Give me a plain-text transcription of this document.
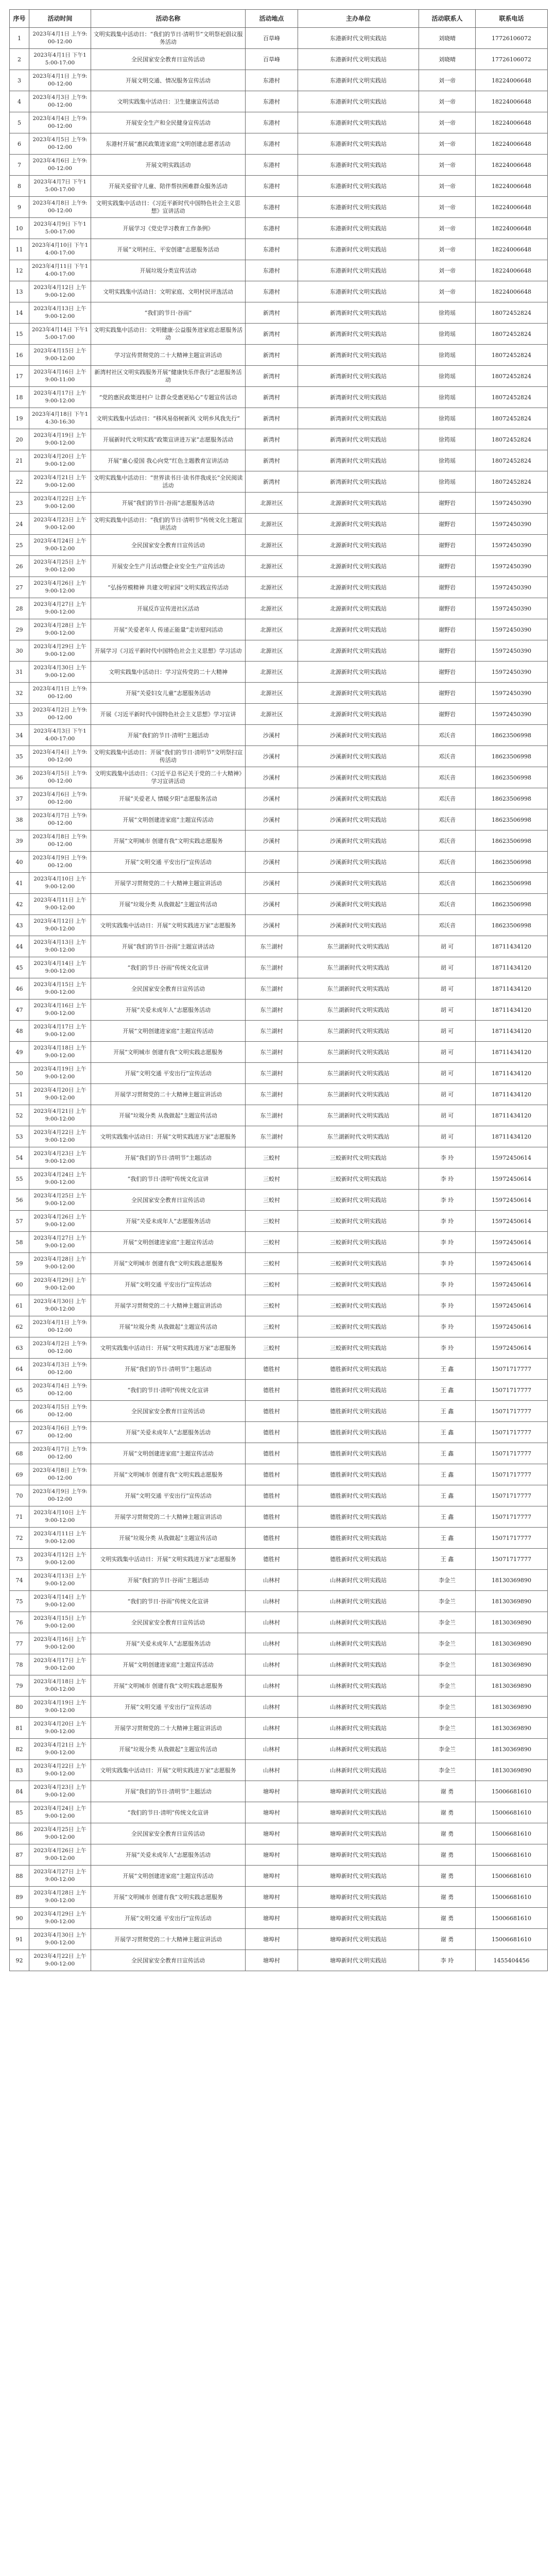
序号	活动时间	活动名称	活动地点	主办单位	活动联系人	联系电话
1	2023年4月1日 上午9:00-12:00	文明实践集中活动日：“我们的节日·清明节”文明祭祀倡议服务活动	百草峰	东港新时代文明实践站	刘晓晴	17726106072
2	2023年4月1日 下午15:00-17:00	全民国家安全教育日宣传活动	百草峰	东港新时代文明实践站	刘晓晴	17726106072
3	2023年4月1日 上午9:00-12:00	开展文明交通、情况服务宣传活动	东港村	东港新时代文明实践站	刘一帝	18224006648
4	2023年4月3日 上午9:00-12:00	文明实践集中活动日：卫生健康宣传活动	东港村	东港新时代文明实践站	刘一帝	18224006648
5	2023年4月4日 上午9:00-12:00	开展安全生产和全民健身宣传活动	东港村	东港新时代文明实践站	刘一帝	18224006648
6	2023年4月5日 上午9:00-12:00	东港村开展“惠民政策进家庭”文明创建志愿者活动	东港村	东港新时代文明实践站	刘一帝	18224006648
7	2023年4月6日 上午9:00-12:00	开展文明实践活动	东港村	东港新时代文明实践站	刘一帝	18224006648
8	2023年4月7日 下午15:00-17:00	开展关爱留守儿童、陪伴帮扶困难群众服务活动	东港村	东港新时代文明实践站	刘一帝	18224006648
9	2023年4月8日 上午9:00-12:00	文明实践集中活动日：《习近平新时代中国特色社会主义思想》宣讲活动	东港村	东港新时代文明实践站	刘一帝	18224006648
10	2023年4月9日 下午15:00-17:00	开展学习《党史学习教育工作条例》	东港村	东港新时代文明实践站	刘一帝	18224006648
11	2023年4月10日 下午14:00-17:00	开展“文明村庄、平安创建”志愿服务活动	东港村	东港新时代文明实践站	刘一帝	18224006648
12	2023年4月11日 下午14:00-17:00	开展垃圾分类宣传活动	东港村	东港新时代文明实践站	刘一帝	18224006648
13	2023年4月12日 上午9:00-12:00	文明实践集中活动日：文明家庭、文明村民评选活动	东港村	东港新时代文明实践站	刘一帝	18224006648
14	2023年4月13日 上午9:00-12:00	“我们的节日·谷雨”	新湾村	新湾新时代文明实践站	徐筠瑶	18072452824
15	2023年4月14日 下午15:00-17:00	文明实践集中活动日：文明健康·公益服务进家庭志愿服务活动	新湾村	新湾新时代文明实践站	徐筠瑶	18072452824
16	2023年4月15日 上午9:00-12:00	学习宣传贯彻党的二十大精神主题宣讲活动	新湾村	新湾新时代文明实践站	徐筠瑶	18072452824
17	2023年4月16日 上午9:00-11:00	新湾村社区文明实践服务开展“健康快乐伴我行”志愿服务活动	新湾村	新湾新时代文明实践站	徐筠瑶	18072452824
18	2023年4月17日 上午9:00-12:00	“党的惠民政策进村户 让群众受惠更贴心”专题宣传活动	新湾村	新湾新时代文明实践站	徐筠瑶	18072452824
19	2023年4月18日 下午14:30-16:30	文明实践集中活动日：“移风易俗树新风 文明乡风我先行”	新湾村	新湾新时代文明实践站	徐筠瑶	18072452824
20	2023年4月19日 上午9:00-12:00	开展新时代文明实践“政策宣讲进万家”志愿服务活动	新湾村	新湾新时代文明实践站	徐筠瑶	18072452824
21	2023年4月20日 上午9:00-12:00	开展“童心爱国 我心向党”红色主题教育宣讲活动	新湾村	新湾新时代文明实践站	徐筠瑶	18072452824
22	2023年4月21日 上午9:00-12:00	文明实践集中活动日：“世界读书日·读书伴我成长”全民阅读活动	新湾村	新湾新时代文明实践站	徐筠瑶	18072452824
23	2023年4月22日 上午9:00-12:00	开展“我们的节日·谷雨”志愿服务活动	北源社区	北源新时代文明实践站	谢野岩	15972450390
24	2023年4月23日 上午9:00-12:00	文明实践集中活动日：“我们的节日·清明节”传统文化主题宣讲活动	北源社区	北源新时代文明实践站	谢野岩	15972450390
25	2023年4月24日 上午9:00-12:00	全民国家安全教育日宣传活动	北源社区	北源新时代文明实践站	谢野岩	15972450390
26	2023年4月25日 上午9:00-12:00	开展安全生产月活动暨企业安全生产宣传活动	北源社区	北源新时代文明实践站	谢野岩	15972450390
27	2023年4月26日 上午9:00-12:00	“弘扬劳模精神 共建文明家园”文明实践宣传活动	北源社区	北源新时代文明实践站	谢野岩	15972450390
28	2023年4月27日 上午9:00-12:00	开展反诈宣传进社区活动	北源社区	北源新时代文明实践站	谢野岩	15972450390
29	2023年4月28日 上午9:00-12:00	开展“关爱老年人 传递正能量”走访慰问活动	北源社区	北源新时代文明实践站	谢野岩	15972450390
30	2023年4月29日 上午9:00-12:00	开展学习《习近平新时代中国特色社会主义思想》学习活动	北源社区	北源新时代文明实践站	谢野岩	15972450390
31	2023年4月30日 上午9:00-12:00	文明实践集中活动日：学习宣传党的二十大精神	北源社区	北源新时代文明实践站	谢野岩	15972450390
32	2023年4月1日 上午9:00-12:00	开展“关爱妇女儿童”志愿服务活动	北源社区	北源新时代文明实践站	谢野岩	15972450390
33	2023年4月2日 上午9:00-12:00	开展《习近平新时代中国特色社会主义思想》学习宣讲	北源社区	北源新时代文明实践站	谢野岩	15972450390
34	2023年4月3日 下午14:00-17:00	开展“我们的节日·清明”主题活动	沙溪村	沙溪新时代文明实践站	邓沃音	18623506998
35	2023年4月4日 上午9:00-12:00	文明实践集中活动日：开展“我们的节日·清明节”文明祭扫宣传活动	沙溪村	沙溪新时代文明实践站	邓沃音	18623506998
36	2023年4月5日 上午9:00-12:00	文明实践集中活动日：《习近平总书记关于党的二十大精神》学习宣讲活动	沙溪村	沙溪新时代文明实践站	邓沃音	18623506998
37	2023年4月6日 上午9:00-12:00	开展“关爱老人 情暖夕阳”志愿服务活动	沙溪村	沙溪新时代文明实践站	邓沃音	18623506998
38	2023年4月7日 上午9:00-12:00	开展“文明创建进家庭”主题宣传活动	沙溪村	沙溪新时代文明实践站	邓沃音	18623506998
39	2023年4月8日 上午9:00-12:00	开展“文明城市 创建有我”文明实践志愿服务	沙溪村	沙溪新时代文明实践站	邓沃音	18623506998
40	2023年4月9日 上午9:00-12:00	开展“文明交通 平安出行”宣传活动	沙溪村	沙溪新时代文明实践站	邓沃音	18623506998
41	2023年4月10日 上午9:00-12:00	开展学习贯彻党的二十大精神主题宣讲活动	沙溪村	沙溪新时代文明实践站	邓沃音	18623506998
42	2023年4月11日 上午9:00-12:00	开展“垃圾分类 从我做起”主题宣传活动	沙溪村	沙溪新时代文明实践站	邓沃音	18623506998
43	2023年4月12日 上午9:00-12:00	文明实践集中活动日：开展“文明实践进万家”志愿服务	沙溪村	沙溪新时代文明实践站	邓沃音	18623506998
44	2023年4月13日 上午9:00-12:00	开展“我们的节日·谷雨”主题宣讲活动	东兰湖村	东兰湖新时代文明实践站	胡 可	18711434120
45	2023年4月14日 上午9:00-12:00	“我们的节日·谷雨”传统文化宣讲	东兰湖村	东兰湖新时代文明实践站	胡 可	18711434120
46	2023年4月15日 上午9:00-12:00	全民国家安全教育日宣传活动	东兰湖村	东兰湖新时代文明实践站	胡 可	18711434120
47	2023年4月16日 上午9:00-12:00	开展“关爱未成年人”志愿服务活动	东兰湖村	东兰湖新时代文明实践站	胡 可	18711434120
48	2023年4月17日 上午9:00-12:00	开展“文明创建进家庭”主题宣传活动	东兰湖村	东兰湖新时代文明实践站	胡 可	18711434120
49	2023年4月18日 上午9:00-12:00	开展“文明城市 创建有我”文明实践志愿服务	东兰湖村	东兰湖新时代文明实践站	胡 可	18711434120
50	2023年4月19日 上午9:00-12:00	开展“文明交通 平安出行”宣传活动	东兰湖村	东兰湖新时代文明实践站	胡 可	18711434120
51	2023年4月20日 上午9:00-12:00	开展学习贯彻党的二十大精神主题宣讲活动	东兰湖村	东兰湖新时代文明实践站	胡 可	18711434120
52	2023年4月21日 上午9:00-12:00	开展“垃圾分类 从我做起”主题宣传活动	东兰湖村	东兰湖新时代文明实践站	胡 可	18711434120
53	2023年4月22日 上午9:00-12:00	文明实践集中活动日：开展“文明实践进万家”志愿服务	东兰湖村	东兰湖新时代文明实践站	胡 可	18711434120
54	2023年4月23日 上午9:00-12:00	开展“我们的节日·清明节”主题活动	三蛟村	三蛟新时代文明实践站	李 玲	15972450614
55	2023年4月24日 上午9:00-12:00	“我们的节日·清明”传统文化宣讲	三蛟村	三蛟新时代文明实践站	李 玲	15972450614
56	2023年4月25日 上午9:00-12:00	全民国家安全教育日宣传活动	三蛟村	三蛟新时代文明实践站	李 玲	15972450614
57	2023年4月26日 上午9:00-12:00	开展“关爱未成年人”志愿服务活动	三蛟村	三蛟新时代文明实践站	李 玲	15972450614
58	2023年4月27日 上午9:00-12:00	开展“文明创建进家庭”主题宣传活动	三蛟村	三蛟新时代文明实践站	李 玲	15972450614
59	2023年4月28日 上午9:00-12:00	开展“文明城市 创建有我”文明实践志愿服务	三蛟村	三蛟新时代文明实践站	李 玲	15972450614
60	2023年4月29日 上午9:00-12:00	开展“文明交通 平安出行”宣传活动	三蛟村	三蛟新时代文明实践站	李 玲	15972450614
61	2023年4月30日 上午9:00-12:00	开展学习贯彻党的二十大精神主题宣讲活动	三蛟村	三蛟新时代文明实践站	李 玲	15972450614
62	2023年4月1日 上午9:00-12:00	开展“垃圾分类 从我做起”主题宣传活动	三蛟村	三蛟新时代文明实践站	李 玲	15972450614
63	2023年4月2日 上午9:00-12:00	文明实践集中活动日：开展“文明实践进万家”志愿服务	三蛟村	三蛟新时代文明实践站	李 玲	15972450614
64	2023年4月3日 上午9:00-12:00	开展“我们的节日·清明节”主题活动	德胜村	德胜新时代文明实践站	王 鑫	15071717777
65	2023年4月4日 上午9:00-12:00	“我们的节日·清明”传统文化宣讲	德胜村	德胜新时代文明实践站	王 鑫	15071717777
66	2023年4月5日 上午9:00-12:00	全民国家安全教育日宣传活动	德胜村	德胜新时代文明实践站	王 鑫	15071717777
67	2023年4月6日 上午9:00-12:00	开展“关爱未成年人”志愿服务活动	德胜村	德胜新时代文明实践站	王 鑫	15071717777
68	2023年4月7日 上午9:00-12:00	开展“文明创建进家庭”主题宣传活动	德胜村	德胜新时代文明实践站	王 鑫	15071717777
69	2023年4月8日 上午9:00-12:00	开展“文明城市 创建有我”文明实践志愿服务	德胜村	德胜新时代文明实践站	王 鑫	15071717777
70	2023年4月9日 上午9:00-12:00	开展“文明交通 平安出行”宣传活动	德胜村	德胜新时代文明实践站	王 鑫	15071717777
71	2023年4月10日 上午9:00-12:00	开展学习贯彻党的二十大精神主题宣讲活动	德胜村	德胜新时代文明实践站	王 鑫	15071717777
72	2023年4月11日 上午9:00-12:00	开展“垃圾分类 从我做起”主题宣传活动	德胜村	德胜新时代文明实践站	王 鑫	15071717777
73	2023年4月12日 上午9:00-12:00	文明实践集中活动日：开展“文明实践进万家”志愿服务	德胜村	德胜新时代文明实践站	王 鑫	15071717777
74	2023年4月13日 上午9:00-12:00	开展“我们的节日·谷雨”主题活动	山林村	山林新时代文明实践站	李金兰	18130369890
75	2023年4月14日 上午9:00-12:00	“我们的节日·谷雨”传统文化宣讲	山林村	山林新时代文明实践站	李金兰	18130369890
76	2023年4月15日 上午9:00-12:00	全民国家安全教育日宣传活动	山林村	山林新时代文明实践站	李金兰	18130369890
77	2023年4月16日 上午9:00-12:00	开展“关爱未成年人”志愿服务活动	山林村	山林新时代文明实践站	李金兰	18130369890
78	2023年4月17日 上午9:00-12:00	开展“文明创建进家庭”主题宣传活动	山林村	山林新时代文明实践站	李金兰	18130369890
79	2023年4月18日 上午9:00-12:00	开展“文明城市 创建有我”文明实践志愿服务	山林村	山林新时代文明实践站	李金兰	18130369890
80	2023年4月19日 上午9:00-12:00	开展“文明交通 平安出行”宣传活动	山林村	山林新时代文明实践站	李金兰	18130369890
81	2023年4月20日 上午9:00-12:00	开展学习贯彻党的二十大精神主题宣讲活动	山林村	山林新时代文明实践站	李金兰	18130369890
82	2023年4月21日 上午9:00-12:00	开展“垃圾分类 从我做起”主题宣传活动	山林村	山林新时代文明实践站	李金兰	18130369890
83	2023年4月22日 上午9:00-12:00	文明实践集中活动日：开展“文明实践进万家”志愿服务	山林村	山林新时代文明实践站	李金兰	18130369890
84	2023年4月23日 上午9:00-12:00	开展“我们的节日·清明节”主题活动	塘埠村	塘埠新时代文明实践站	谢 勇	15006681610
85	2023年4月24日 上午9:00-12:00	“我们的节日·清明”传统文化宣讲	塘埠村	塘埠新时代文明实践站	谢 勇	15006681610
86	2023年4月25日 上午9:00-12:00	全民国家安全教育日宣传活动	塘埠村	塘埠新时代文明实践站	谢 勇	15006681610
87	2023年4月26日 上午9:00-12:00	开展“关爱未成年人”志愿服务活动	塘埠村	塘埠新时代文明实践站	谢 勇	15006681610
88	2023年4月27日 上午9:00-12:00	开展“文明创建进家庭”主题宣传活动	塘埠村	塘埠新时代文明实践站	谢 勇	15006681610
89	2023年4月28日 上午9:00-12:00	开展“文明城市 创建有我”文明实践志愿服务	塘埠村	塘埠新时代文明实践站	谢 勇	15006681610
90	2023年4月29日 上午9:00-12:00	开展“文明交通 平安出行”宣传活动	塘埠村	塘埠新时代文明实践站	谢 勇	15006681610
91	2023年4月30日 上午9:00-12:00	开展学习贯彻党的二十大精神主题宣讲活动	塘埠村	塘埠新时代文明实践站	谢 勇	15006681610
92	2023年4月22日 上午9:00-12:00	全民国家安全教育日宣传活动	塘埠村	塘埠新时代文明实践站	李 玲	1455404456
